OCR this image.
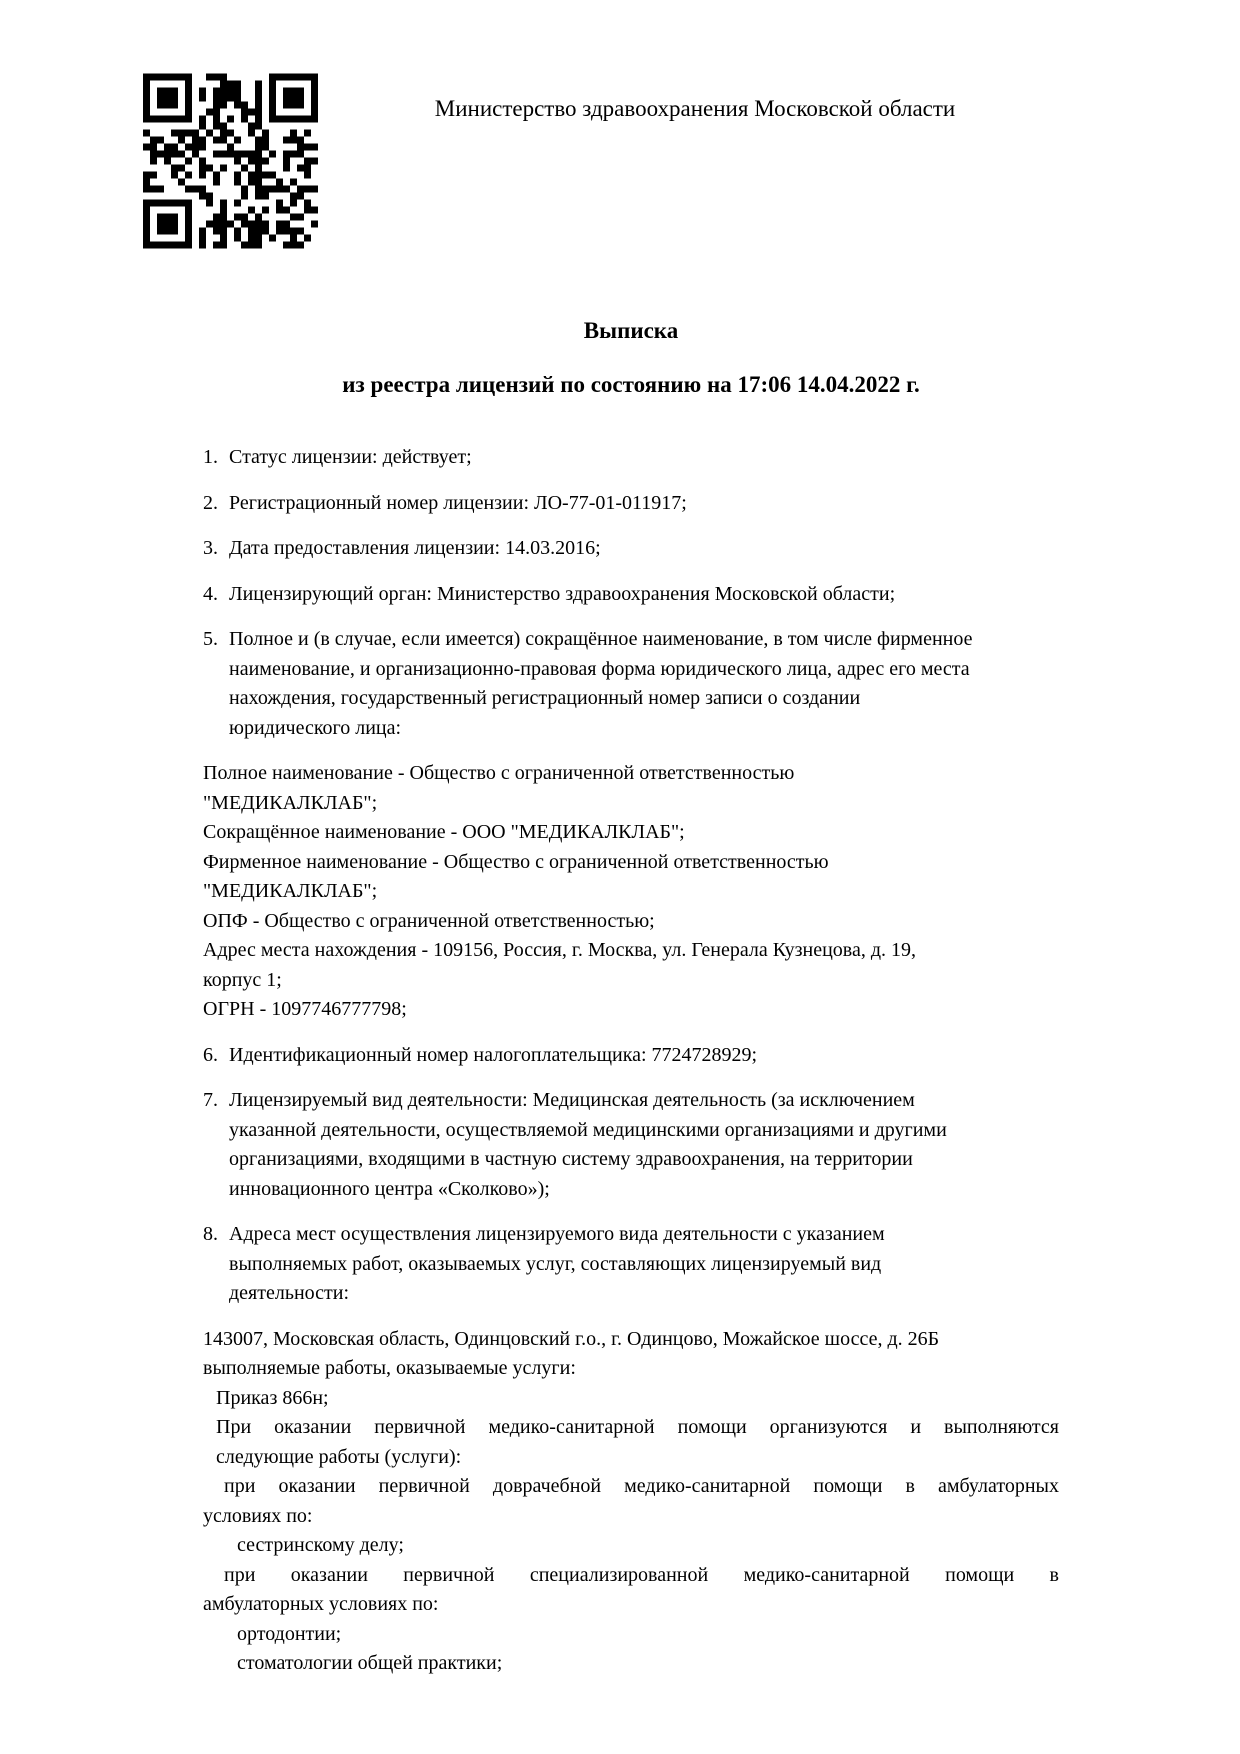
Министерство здравоохранения Московской области
Выписка
из реестра лицензий по состоянию на 17:06 14.04.2022 г.
1. Статус лицензии: действует;
2. Регистрационный номер лицензии: ЛО-77-01-011917;
3. Дата предоставления лицензии: 14.03.2016;
4. Лицензирующий орган: Министерство здравоохранения Московской области;
5. Полное и (в случае, если имеется) сокращённое наименование, в том числе фирменное
наименование, и организационно-правовая форма юридического лица, адрес его места
нахождения, государственный регистрационный номер записи о создании
юридического лица:
Полное наименование - Общество с ограниченной ответственностью
"МЕДИКАЛКЛАБ";
Сокращённое наименование - ООО "МЕДИКАЛКЛАБ";
Фирменное наименование - Общество с ограниченной ответственностью
"МЕДИКАЛКЛАБ";
ОПФ - Общество с ограниченной ответственностью;
Адрес места нахождения - 109156, Россия, г. Москва, ул. Генерала Кузнецова, д. 19,
корпус 1;
ОГРН - 1097746777798;
6. Идентификационный номер налогоплательщика: 7724728929;
7. Лицензируемый вид деятельности: Медицинская деятельность (за исключением
указанной деятельности, осуществляемой медицинскими организациями и другими
организациями, входящими в частную систему здравоохранения, на территории
инновационного центра «Сколково»);
8. Адреса мест осуществления лицензируемого вида деятельности с указанием
выполняемых работ, оказываемых услуг, составляющих лицензируемый вид
деятельности:
143007, Московская область, Одинцовский г.о., г. Одинцово, Можайское шоссе, д. 26Б
выполняемые работы, оказываемые услуги:
Приказ 866н;
При оказании первичной медико-санитарной помощи организуются и выполняются
следующие работы (услуги):
при оказании первичной доврачебной медико-санитарной помощи в амбулаторных
условиях по:
сестринскому делу;
при оказании первичной специализированной медико-санитарной помощи в
амбулаторных условиях по:
ортодонтии;
стоматологии общей практики;
